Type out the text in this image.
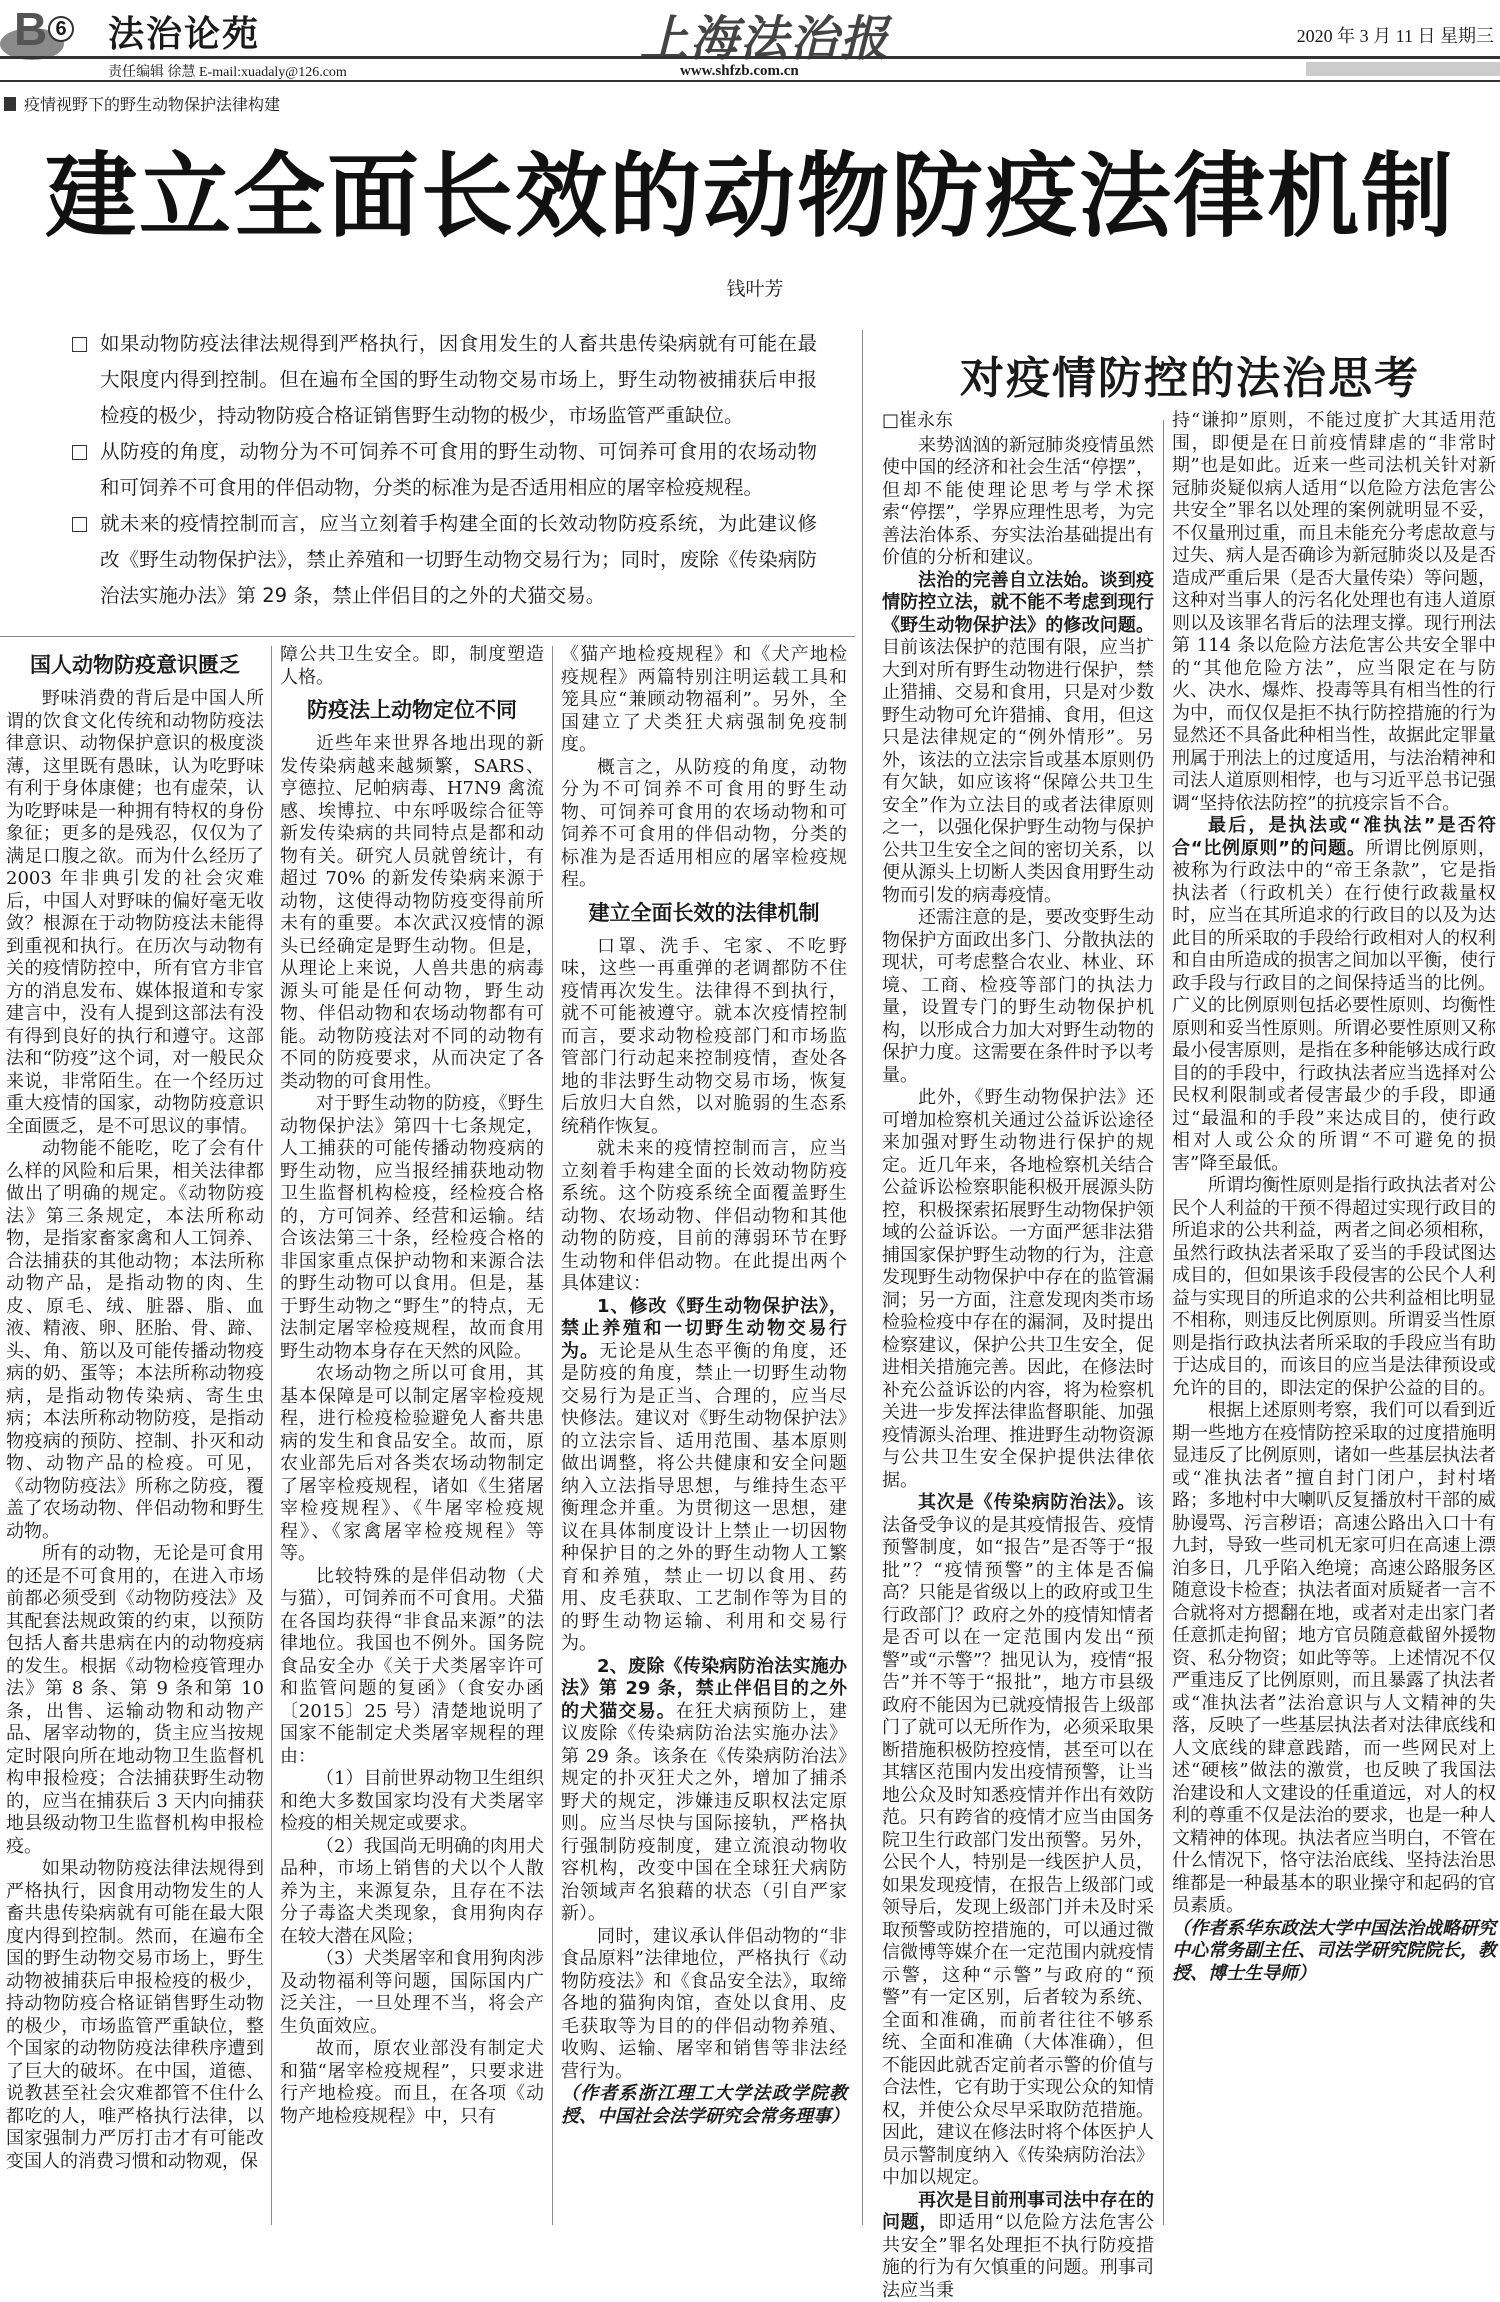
B 6 法治论苑	上海法治报	2020 年 3 月 11 日 星期三
责任编辑 徐慧 E-mail:xuadaly@126.com	www.shfzb.com.cn
疫情视野下的野生动物保护法律构建
建立全面长效的动物防疫法律机制
钱叶芳
如果动物防疫法律法规得到严格执行，因食用发生的人畜共患传染病就有可能在最大限度内得到控制。但在遍布全国的野生动物交易市场上，野生动物被捕获后申报检疫的极少，持动物防疫合格证销售野生动物的极少，市场监管严重缺位。
从防疫的角度，动物分为不可饲养不可食用的野生动物、可饲养可食用的农场动物和可饲养不可食用的伴侣动物，分类的标准为是否适用相应的屠宰检疫规程。
就未来的疫情控制而言，应当立刻着手构建全面的长效动物防疫系统，为此建议修改《野生动物保护法》，禁止养殖和一切野生动物交易行为；同时，废除《传染病防治法实施办法》第 29 条，禁止伴侣目的之外的犬猫交易。
对疫情防控的法治思考
国人动物防疫意识匮乏

野味消费的背后是中国人所谓的饮食文化传统和动物防疫法律意识、动物保护意识的极度淡薄，这里既有愚昧，认为吃野味有利于身体康健；也有虚荣，认为吃野味是一种拥有特权的身份象征；更多的是残忍，仅仅为了满足口腹之欲。而为什么经历了 2003 年非典引发的社会灾难后，中国人对野味的偏好毫无收敛？根源在于动物防疫法未能得到重视和执行。在历次与动物有关的疫情防控中，所有官方非官方的消息发布、媒体报道和专家建言中，没有人提到这部法有没有得到良好的执行和遵守。这部法和“防疫”这个词，对一般民众来说，非常陌生。在一个经历过重大疫情的国家，动物防疫意识全面匮乏，是不可思议的事情。

动物能不能吃，吃了会有什么样的风险和后果，相关法律都做出了明确的规定。《动物防疫法》第三条规定，本法所称动物，是指家畜家禽和人工饲养、合法捕获的其他动物；本法所称动物产品，是指动物的肉、生皮、原毛、绒、脏器、脂、血液、精液、卵、胚胎、骨、蹄、头、角、筋以及可能传播动物疫病的奶、蛋等；本法所称动物疫病，是指动物传染病、寄生虫病；本法所称动物防疫，是指动物疫病的预防、控制、扑灭和动物、动物产品的检疫。可见，《动物防疫法》所称之防疫，覆盖了农场动物、伴侣动物和野生动物。

所有的动物，无论是可食用的还是不可食用的，在进入市场前都必须受到《动物防疫法》及其配套法规政策的约束，以预防包括人畜共患病在内的动物疫病的发生。根据《动物检疫管理办法》第 8 条、第 9 条和第 10 条，出售、运输动物和动物产品、屠宰动物的，货主应当按规定时限向所在地动物卫生监督机构申报检疫；合法捕获野生动物的，应当在捕获后 3 天内向捕获地县级动物卫生监督机构申报检疫。

如果动物防疫法律法规得到严格执行，因食用动物发生的人畜共患传染病就有可能在最大限度内得到控制。然而，在遍布全国的野生动物交易市场上，野生动物被捕获后申报检疫的极少，持动物防疫合格证销售野生动物的极少，市场监管严重缺位，整个国家的动物防疫法律秩序遭到了巨大的破坏。在中国，道德、说教甚至社会灾难都管不住什么都吃的人，唯严格执行法律，以国家强制力严厉打击才有可能改变国人的消费习惯和动物观，保

障公共卫生安全。即，制度塑造人格。

防疫法上动物定位不同

近些年来世界各地出现的新发传染病越来越频繁，SARS、亨德拉、尼帕病毒、H7N9 禽流感、埃博拉、中东呼吸综合征等新发传染病的共同特点是都和动物有关。研究人员就曾统计，有超过 70% 的新发传染病来源于动物，这使得动物防疫变得前所未有的重要。本次武汉疫情的源头已经确定是野生动物。但是，从理论上来说，人兽共患的病毒源头可能是任何动物，野生动物、伴侣动物和农场动物都有可能。动物防疫法对不同的动物有不同的防疫要求，从而决定了各类动物的可食用性。

对于野生动物的防疫，《野生动物保护法》第四十七条规定，人工捕获的可能传播动物疫病的野生动物，应当报经捕获地动物卫生监督机构检疫，经检疫合格的，方可饲养、经营和运输。结合该法第三十条，经检疫合格的非国家重点保护动物和来源合法的野生动物可以食用。但是，基于野生动物之“野生”的特点，无法制定屠宰检疫规程，故而食用野生动物本身存在天然的风险。

农场动物之所以可食用，其基本保障是可以制定屠宰检疫规程，进行检疫检验避免人畜共患病的发生和食品安全。故而，原农业部先后对各类农场动物制定了屠宰检疫规程，诸如《生猪屠宰检疫规程》、《牛屠宰检疫规程》、《家禽屠宰检疫规程》等等。

比较特殊的是伴侣动物（犬与猫），可饲养而不可食用。犬猫在各国均获得“非食品来源”的法律地位。我国也不例外。国务院食品安全办《关于犬类屠宰许可和监管问题的复函》（食安办函〔2015〕25 号）清楚地说明了国家不能制定犬类屠宰规程的理由：

（1）目前世界动物卫生组织和绝大多数国家均没有犬类屠宰检疫的相关规定或要求。

（2）我国尚无明确的肉用犬品种，市场上销售的犬以个人散养为主，来源复杂，且存在不法分子毒盗犬类现象，食用狗肉存在较大潜在风险；

（3）犬类屠宰和食用狗肉涉及动物福利等问题，国际国内广泛关注，一旦处理不当，将会产生负面效应。

故而，原农业部没有制定犬和猫“屠宰检疫规程”，只要求进行产地检疫。而且，在各项《动物产地检疫规程》中，只有

《猫产地检疫规程》和《犬产地检疫规程》两篇特别注明运载工具和笼具应“兼顾动物福利”。另外，全国建立了犬类狂犬病强制免疫制度。

概言之，从防疫的角度，动物分为不可饲养不可食用的野生动物、可饲养可食用的农场动物和可饲养不可食用的伴侣动物，分类的标准为是否适用相应的屠宰检疫规程。

建立全面长效的法律机制

口罩、洗手、宅家、不吃野味，这些一再重弹的老调都防不住疫情再次发生。法律得不到执行，就不可能被遵守。就本次疫情控制而言，要求动物检疫部门和市场监管部门行动起来控制疫情，查处各地的非法野生动物交易市场，恢复后放归大自然，以对脆弱的生态系统稍作恢复。

就未来的疫情控制而言，应当立刻着手构建全面的长效动物防疫系统。这个防疫系统全面覆盖野生动物、农场动物、伴侣动物和其他动物的防疫，目前的薄弱环节在野生动物和伴侣动物。在此提出两个具体建议：

1、修改《野生动物保护法》，禁止养殖和一切野生动物交易行为。无论是从生态平衡的角度，还是防疫的角度，禁止一切野生动物交易行为是正当、合理的，应当尽快修法。建议对《野生动物保护法》的立法宗旨、适用范围、基本原则做出调整，将公共健康和安全问题纳入立法指导思想，与维持生态平衡理念并重。为贯彻这一思想，建议在具体制度设计上禁止一切因物种保护目的之外的野生动物人工繁育和养殖，禁止一切以食用、药用、皮毛获取、工艺制作等为目的的野生动物运输、利用和交易行为。

2、废除《传染病防治法实施办法》第 29 条，禁止伴侣目的之外的犬猫交易。在狂犬病预防上，建议废除《传染病防治法实施办法》第 29 条。该条在《传染病防治法》规定的扑灭狂犬之外，增加了捕杀野犬的规定，涉嫌违反职权法定原则。应当尽快与国际接轨，严格执行强制防疫制度，建立流浪动物收容机构，改变中国在全球狂犬病防治领域声名狼藉的状态（引自严家新）。

同时，建议承认伴侣动物的“非食品原料”法律地位，严格执行《动物防疫法》和《食品安全法》，取缔各地的猫狗肉馆，查处以食用、皮毛获取等为目的的伴侣动物养殖、收购、运输、屠宰和销售等非法经营行为。

（作者系浙江理工大学法政学院教授、中国社会法学研究会常务理事）

□崔永东

来势汹汹的新冠肺炎疫情虽然使中国的经济和社会生活“停摆”，但却不能使理论思考与学术探索“停摆”，学界应理性思考，为完善法治体系、夯实法治基础提出有价值的分析和建议。

法治的完善自立法始。谈到疫情防控立法，就不能不考虑到现行《野生动物保护法》的修改问题。目前该法保护的范围有限，应当扩大到对所有野生动物进行保护，禁止猎捕、交易和食用，只是对少数野生动物可允许猎捕、食用，但这只是法律规定的“例外情形”。另外，该法的立法宗旨或基本原则仍有欠缺，如应该将“保障公共卫生安全”作为立法目的或者法律原则之一，以强化保护野生动物与保护公共卫生安全之间的密切关系，以便从源头上切断人类因食用野生动物而引发的病毒疫情。

还需注意的是，要改变野生动物保护方面政出多门、分散执法的现状，可考虑整合农业、林业、环境、工商、检疫等部门的执法力量，设置专门的野生动物保护机构，以形成合力加大对野生动物的保护力度。这需要在条件时予以考量。

此外，《野生动物保护法》还可增加检察机关通过公益诉讼途径来加强对野生动物进行保护的规定。近几年来，各地检察机关结合公益诉讼检察职能积极开展源头防控，积极探索拓展野生动物保护领域的公益诉讼。一方面严惩非法猎捕国家保护野生动物的行为，注意发现野生动物保护中存在的监管漏洞；另一方面，注意发现肉类市场检验检疫中存在的漏洞，及时提出检察建议，保护公共卫生安全，促进相关措施完善。因此，在修法时补充公益诉讼的内容，将为检察机关进一步发挥法律监督职能、加强疫情源头治理、推进野生动物资源与公共卫生安全保护提供法律依据。

其次是《传染病防治法》。该法备受争议的是其疫情报告、疫情预警制度，如“报告”是否等于“报批”？“疫情预警”的主体是否偏高？只能是省级以上的政府或卫生行政部门？政府之外的疫情知情者是否可以在一定范围内发出“预警”或“示警”？拙见认为，疫情“报告”并不等于“报批”，地方市县级政府不能因为已就疫情报告上级部门了就可以无所作为，必须采取果断措施积极防控疫情，甚至可以在其辖区范围内发出疫情预警，让当地公众及时知悉疫情并作出有效防范。只有跨省的疫情才应当由国务院卫生行政部门发出预警。另外，公民个人，特别是一线医护人员，如果发现疫情，在报告上级部门或领导后，发现上级部门并未及时采取预警或防控措施的，可以通过微信微博等媒介在一定范围内就疫情示警，这种“示警”与政府的“预警”有一定区别，后者较为系统、全面和准确，而前者往往不够系统、全面和准确（大体准确），但不能因此就否定前者示警的价值与合法性，它有助于实现公众的知情权，并使公众尽早采取防范措施。因此，建议在修法时将个体医护人员示警制度纳入《传染病防治法》中加以规定。

再次是目前刑事司法中存在的问题，即适用“以危险方法危害公共安全”罪名处理拒不执行防疫措施的行为有欠慎重的问题。刑事司法应当秉

持“谦抑”原则，不能过度扩大其适用范围，即便是在日前疫情肆虐的“非常时期”也是如此。近来一些司法机关针对新冠肺炎疑似病人适用“以危险方法危害公共安全”罪名以处理的案例就明显不妥，不仅量刑过重，而且未能充分考虑故意与过失、病人是否确诊为新冠肺炎以及是否造成严重后果（是否大量传染）等问题，这种对当事人的污名化处理也有违人道原则以及该罪名背后的法理支撑。现行刑法第 114 条以危险方法危害公共安全罪中的“其他危险方法”，应当限定在与防火、决水、爆炸、投毒等具有相当性的行为中，而仅仅是拒不执行防控措施的行为显然还不具备此种相当性，故据此定罪量刑属于刑法上的过度适用，与法治精神和司法人道原则相悖，也与习近平总书记强调“坚持依法防控”的抗疫宗旨不合。

最后，是执法或“准执法”是否符合“比例原则”的问题。所谓比例原则，被称为行政法中的“帝王条款”，它是指执法者（行政机关）在行使行政裁量权时，应当在其所追求的行政目的以及为达此目的所采取的手段给行政相对人的权利和自由所造成的损害之间加以平衡，使行政手段与行政目的之间保持适当的比例。广义的比例原则包括必要性原则、均衡性原则和妥当性原则。所谓必要性原则又称最小侵害原则，是指在多种能够达成行政目的的手段中，行政执法者应当选择对公民权利限制或者侵害最少的手段，即通过“最温和的手段”来达成目的，使行政相对人或公众的所谓“不可避免的损害”降至最低。

所谓均衡性原则是指行政执法者对公民个人利益的干预不得超过实现行政目的所追求的公共利益，两者之间必须相称，虽然行政执法者采取了妥当的手段试图达成目的，但如果该手段侵害的公民个人利益与实现目的所追求的公共利益相比明显不相称，则违反比例原则。所谓妥当性原则是指行政执法者所采取的手段应当有助于达成目的，而该目的应当是法律预设或允许的目的，即法定的保护公益的目的。

根据上述原则考察，我们可以看到近期一些地方在疫情防控采取的过度措施明显违反了比例原则，诸如一些基层执法者或“准执法者”擅自封门闭户，封村堵路；多地村中大喇叭反复播放村干部的威胁谩骂、污言秽语；高速公路出入口十有九封，导致一些司机无家可归在高速上漂泊多日，几乎陷入绝境；高速公路服务区随意设卡检查；执法者面对质疑者一言不合就将对方摁翻在地，或者对走出家门者任意抓走拘留；地方官员随意截留外援物资、私分物资；如此等等。上述情况不仅严重违反了比例原则，而且暴露了执法者或“准执法者”法治意识与人文精神的失落，反映了一些基层执法者对法律底线和人文底线的肆意践踏，而一些网民对上述“硬核”做法的激赏，也反映了我国法治建设和人文建设的任重道远，对人的权利的尊重不仅是法治的要求，也是一种人文精神的体现。执法者应当明白，不管在什么情况下，恪守法治底线、坚持法治思维都是一种最基本的职业操守和起码的官员素质。

（作者系华东政法大学中国法治战略研究中心常务副主任、司法学研究院院长，教授、博士生导师）
